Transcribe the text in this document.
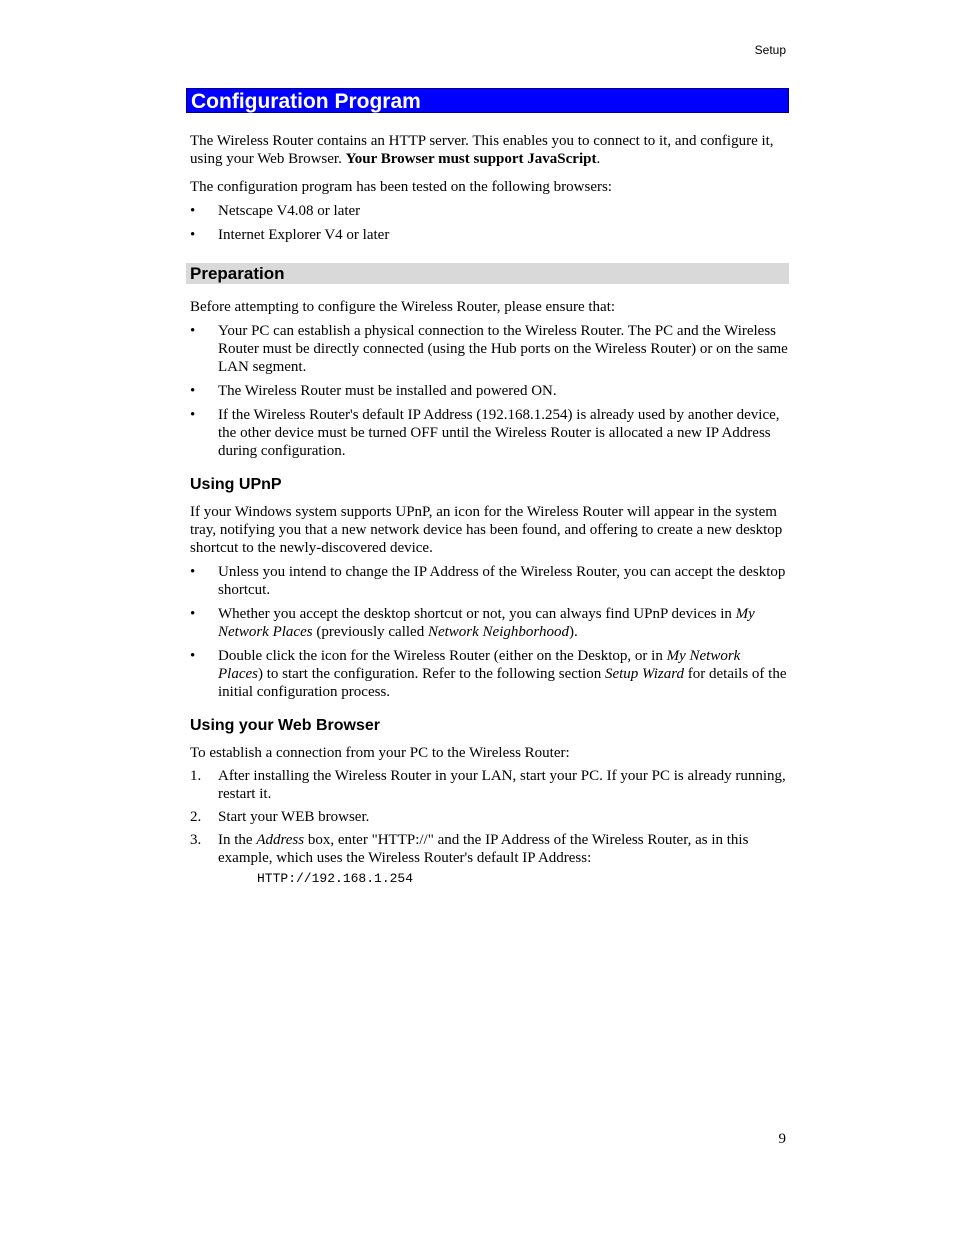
Setup
Configuration Program

The Wireless Router contains an HTTP server. This enables you to connect to it, and configure it, using your Web Browser. Your Browser must support JavaScript.

The configuration program has been tested on the following browsers:

• Netscape V4.08 or later
• Internet Explorer V4 or later
Preparation

Before attempting to configure the Wireless Router, please ensure that:

• Your PC can establish a physical connection to the Wireless Router. The PC and the Wireless Router must be directly connected (using the Hub ports on the Wireless Router) or on the same LAN segment.
• The Wireless Router must be installed and powered ON.
• If the Wireless Router's default IP Address (192.168.1.254) is already used by another device, the other device must be turned OFF until the Wireless Router is allocated a new IP Address during configuration.
Using UPnP

If your Windows system supports UPnP, an icon for the Wireless Router will appear in the system tray, notifying you that a new network device has been found, and offering to create a new desktop shortcut to the newly-discovered device.

• Unless you intend to change the IP Address of the Wireless Router, you can accept the desktop shortcut.
• Whether you accept the desktop shortcut or not, you can always find UPnP devices in My Network Places (previously called Network Neighborhood).
• Double click the icon for the Wireless Router (either on the Desktop, or in My Network Places) to start the configuration. Refer to the following section Setup Wizard for details of the initial configuration process.
Using your Web Browser

To establish a connection from your PC to the Wireless Router:

1. After installing the Wireless Router in your LAN, start your PC. If your PC is already running, restart it.
2. Start your WEB browser.
3. In the Address box, enter "HTTP://" and the IP Address of the Wireless Router, as in this example, which uses the Wireless Router's default IP Address:
HTTP://192.168.1.254
9
